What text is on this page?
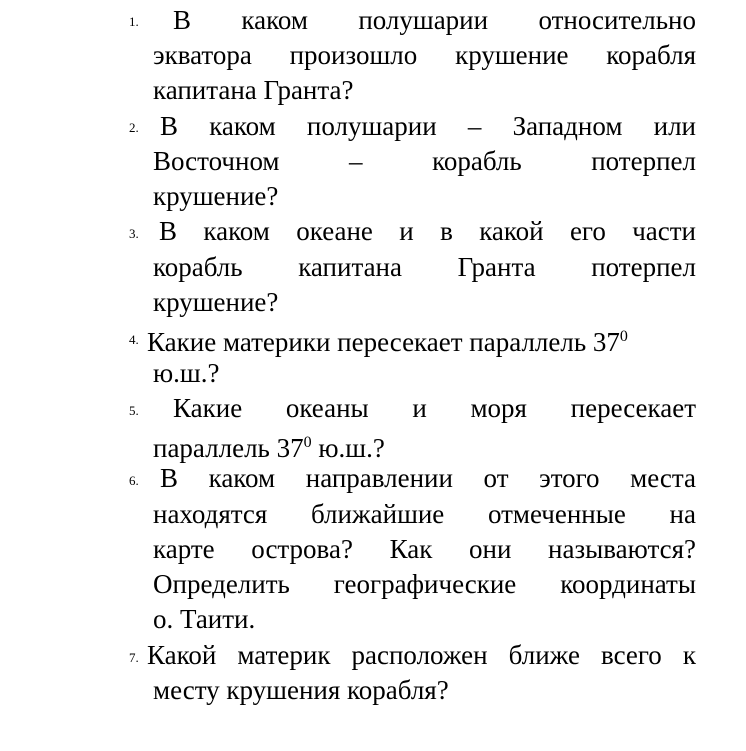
1. В каком полушарии относительно
экватора произошло крушение корабля
капитана Гранта?
2. В каком полушарии – Западном или
Восточном – корабль потерпел
крушение?
3. В каком океане и в какой его части
корабль капитана Гранта потерпел
крушение?
4. Какие материки пересекает параллель $37^0$
ю.ш.?
5. Какие океаны и моря пересекает
параллель $37^0$ ю.ш.?
6. В каком направлении от этого места
находятся ближайшие отмеченные на
карте острова? Как они называются?
Определить географические координаты
о. Таити.
7. Какой материк расположен ближе всего к
месту крушения корабля?
